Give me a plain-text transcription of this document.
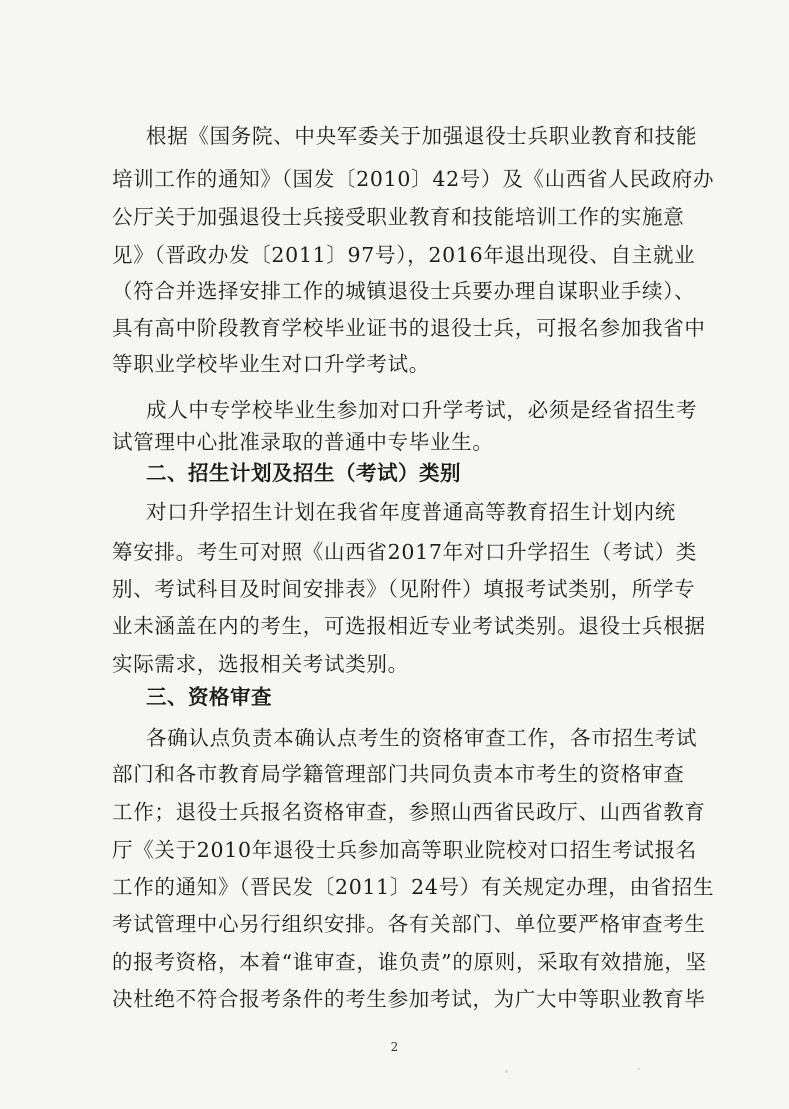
根据《国务院、中央军委关于加强退役士兵职业教育和技能
培训工作的通知》（国发〔2010〕42号）及《山西省人民政府办
公厅关于加强退役士兵接受职业教育和技能培训工作的实施意
见》（晋政办发〔2011〕97号），2016年退出现役、自主就业
（符合并选择安排工作的城镇退役士兵要办理自谋职业手续）、
具有高中阶段教育学校毕业证书的退役士兵，可报名参加我省中
等职业学校毕业生对口升学考试。
成人中专学校毕业生参加对口升学考试，必须是经省招生考
试管理中心批准录取的普通中专毕业生。
二、招生计划及招生（考试）类别
对口升学招生计划在我省年度普通高等教育招生计划内统
筹安排。考生可对照《山西省2017年对口升学招生（考试）类
别、考试科目及时间安排表》（见附件）填报考试类别，所学专
业未涵盖在内的考生，可选报相近专业考试类别。退役士兵根据
实际需求，选报相关考试类别。
三、资格审查
各确认点负责本确认点考生的资格审查工作，各市招生考试
部门和各市教育局学籍管理部门共同负责本市考生的资格审查
工作；退役士兵报名资格审查，参照山西省民政厅、山西省教育
厅《关于2010年退役士兵参加高等职业院校对口招生考试报名
工作的通知》（晋民发〔2011〕24号）有关规定办理，由省招生
考试管理中心另行组织安排。各有关部门、单位要严格审查考生
的报考资格，本着“谁审查，谁负责”的原则，采取有效措施，坚
决杜绝不符合报考条件的考生参加考试，为广大中等职业教育毕
2
